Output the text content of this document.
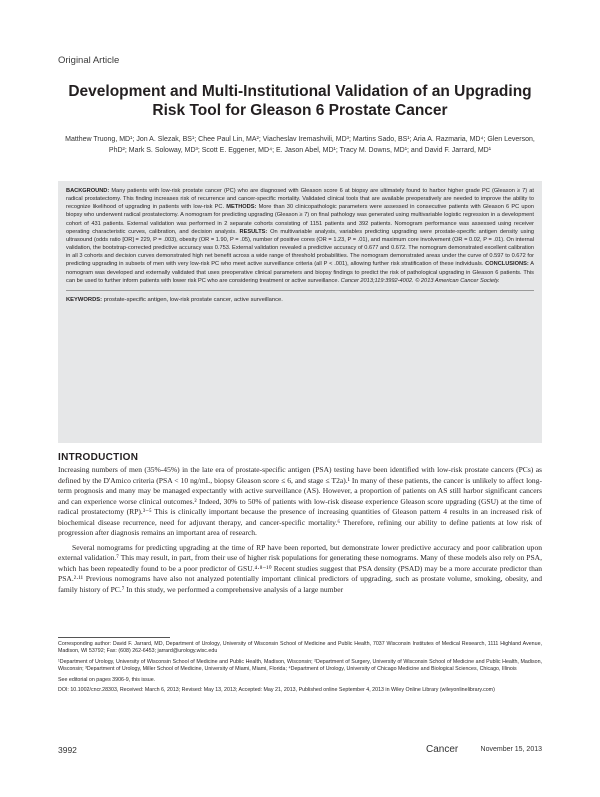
Original Article
Development and Multi-Institutional Validation of an Upgrading Risk Tool for Gleason 6 Prostate Cancer
Matthew Truong, MD¹; Jon A. Slezak, BS¹; Chee Paul Lin, MA²; Viacheslav Iremashvili, MD³; Martins Sado, BS¹; Aria A. Razmaria, MD⁴; Glen Leverson, PhD²; Mark S. Soloway, MD³; Scott E. Eggener, MD⁴; E. Jason Abel, MD¹; Tracy M. Downs, MD¹; and David F. Jarrard, MD¹
BACKGROUND: Many patients with low-risk prostate cancer (PC) who are diagnosed with Gleason score 6 at biopsy are ultimately found to harbor higher grade PC (Gleason ≥ 7) at radical prostatectomy. This finding increases risk of recurrence and cancer-specific mortality. Validated clinical tools that are available preoperatively are needed to improve the ability to recognize likelihood of upgrading in patients with low-risk PC. METHODS: More than 30 clinicopathologic parameters were assessed in consecutive patients with Gleason 6 PC upon biopsy who underwent radical prostatectomy. A nomogram for predicting upgrading (Gleason ≥ 7) on final pathology was generated using multivariable logistic regression in a development cohort of 431 patients. External validation was performed in 2 separate cohorts consisting of 1151 patients and 392 patients. Nomogram performance was assessed using receiver operating characteristic curves, calibration, and decision analysis. RESULTS: On multivariable analysis, variables predicting upgrading were prostate-specific antigen density using ultrasound (odds ratio [OR] = 229, P = .003), obesity (OR = 1.90, P = .05), number of positive cores (OR = 1.23, P = .01), and maximum core involvement (OR = 0.02, P = .01). On internal validation, the bootstrap-corrected predictive accuracy was 0.753. External validation revealed a predictive accuracy of 0.677 and 0.672. The nomogram demonstrated excellent calibration in all 3 cohorts and decision curves demonstrated high net benefit across a wide range of threshold probabilities. The nomogram demonstrated areas under the curve of 0.597 to 0.672 for predicting upgrading in subsets of men with very low-risk PC who meet active surveillance criteria (all P < .001), allowing further risk stratification of these individuals. CONCLUSIONS: A nomogram was developed and externally validated that uses preoperative clinical parameters and biopsy findings to predict the risk of pathological upgrading in Gleason 6 patients. This can be used to further inform patients with lower risk PC who are considering treatment or active surveillance. Cancer 2013;119:3992-4002. © 2013 American Cancer Society.
KEYWORDS: prostate-specific antigen, low-risk prostate cancer, active surveillance.
INTRODUCTION

Increasing numbers of men (35%-45%) in the late era of prostate-specific antigen (PSA) testing have been identified with low-risk prostate cancers (PCs) as defined by the D'Amico criteria (PSA < 10 ng/mL, biopsy Gleason score ≤ 6, and stage ≤ T2a).¹ In many of these patients, the cancer is unlikely to affect long-term prognosis and many may be managed expectantly with active surveillance (AS). However, a proportion of patients on AS still harbor significant cancers and can experience worse clinical outcomes.² Indeed, 30% to 50% of patients with low-risk disease experience Gleason score upgrading (GSU) at the time of radical prostatectomy (RP).³⁻⁵ This is clinically important because the presence of increasing quantities of Gleason pattern 4 results in an increased risk of biochemical disease recurrence, need for adjuvant therapy, and cancer-specific mortality.⁶ Therefore, refining our ability to define patients at low risk of progression after diagnosis remains an important area of research.

Several nomograms for predicting upgrading at the time of RP have been reported, but demonstrate lower predictive accuracy and poor calibration upon external validation.⁷ This may result, in part, from their use of higher risk populations for generating these nomograms. Many of these models also rely on PSA, which has been repeatedly found to be a poor predictor of GSU.⁴·⁸⁻¹⁰ Recent studies suggest that PSA density (PSAD) may be a more accurate predictor than PSA.²·¹¹ Previous nomograms have also not analyzed potentially important clinical predictors of upgrading, such as prostate volume, smoking, obesity, and family history of PC.⁷ In this study, we performed a comprehensive analysis of a large number

Corresponding author: David F. Jarrard, MD, Department of Urology, University of Wisconsin School of Medicine and Public Health, 7037 Wisconsin Institutes of Medical Research, 1111 Highland Avenue, Madison, WI 53792; Fax: (608) 262-6453; jarrard@urology.wisc.edu

¹Department of Urology, University of Wisconsin School of Medicine and Public Health, Madison, Wisconsin; ²Department of Surgery, University of Wisconsin School of Medicine and Public Health, Madison, Wisconsin; ³Department of Urology, Miller School of Medicine, University of Miami, Miami, Florida; ⁴Department of Urology, University of Chicago Medicine and Biological Sciences, Chicago, Illinois

See editorial on pages 3906-9, this issue.

DOI: 10.1002/cncr.28303, Received: March 6, 2013; Revised: May 13, 2013; Accepted: May 21, 2013, Published online September 4, 2013 in Wiley Online Library (wileyonlinelibrary.com)

3992	Cancer	November 15, 2013
